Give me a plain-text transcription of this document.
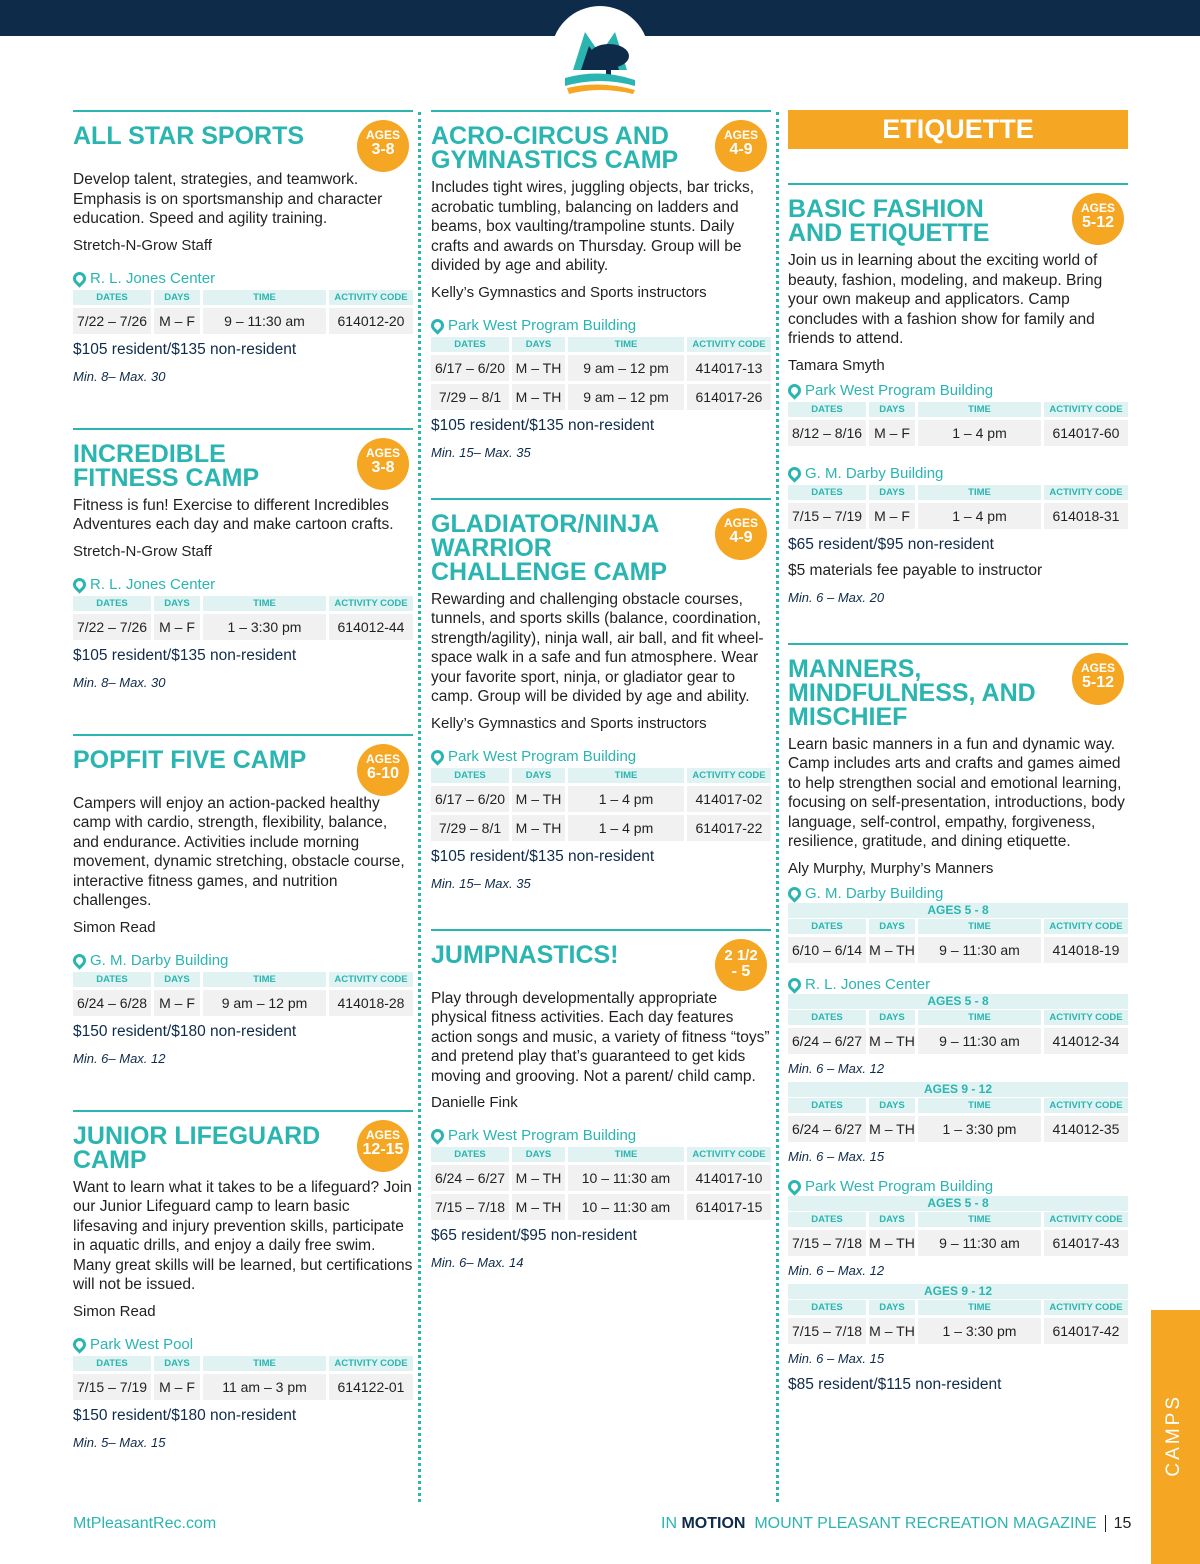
ALL STAR SPORTS	AGES
3-8
Develop talent, strategies, and teamwork. Emphasis is on sportsmanship and character education. Speed and agility training.
Stretch-N-Grow Staff
R. L. Jones Center
DATES	DAYS	TIME	ACTIVITY CODE
7/22 – 7/26	M – F	9 – 11:30 am	614012-20
$105 resident/$135 non-resident
Min. 8– Max. 30
INCREDIBLE FITNESS CAMP
AGES
3-8
Fitness is fun! Exercise to different Incredibles Adventures each day and make cartoon crafts.
Stretch-N-Grow Staff
R. L. Jones Center
DATES	DAYS	TIME	ACTIVITY CODE
7/22 – 7/26	M – F	1 – 3:30 pm	614012-44
$105 resident/$135 non-resident
Min. 8– Max. 30
POPFIT FIVE CAMP	AGES
6-10
Campers will enjoy an action-packed healthy camp with cardio, strength, flexibility, balance, and endurance. Activities include morning movement, dynamic stretching, obstacle course, interactive fitness games, and nutrition challenges.
Simon Read
G. M. Darby Building
DATES	DAYS	TIME	ACTIVITY CODE
6/24 – 6/28	M – F	9 am – 12 pm	414018-28
$150 resident/$180 non-resident
Min. 6– Max. 12
JUNIOR LIFEGUARD CAMP
AGES
12-15
Want to learn what it takes to be a lifeguard? Join our Junior Lifeguard camp to learn basic lifesaving and injury prevention skills, participate in aquatic drills, and enjoy a daily free swim. Many great skills will be learned, but certifications will not be issued.
Simon Read
Park West Pool
DATES	DAYS	TIME	ACTIVITY CODE
7/15 – 7/19	M – F	11 am – 3 pm	614122-01
$150 resident/$180 non-resident
Min. 5– Max. 15
ACRO-CIRCUS AND GYMNASTICS CAMP
AGES
4-9
Includes tight wires, juggling objects, bar tricks, acrobatic tumbling, balancing on ladders and beams, box vaulting/trampoline stunts. Daily crafts and awards on Thursday. Group will be divided by age and ability.
Kelly’s Gymnastics and Sports instructors
Park West Program Building
DATES	DAYS	TIME	ACTIVITY CODE
6/17 – 6/20	M – TH	9 am – 12 pm	414017-13
7/29 – 8/1	M – TH	9 am – 12 pm	614017-26
$105 resident/$135 non-resident
Min. 15– Max. 35
GLADIATOR/NINJA WARRIOR CHALLENGE CAMP
AGES
4-9
Rewarding and challenging obstacle courses, tunnels, and sports skills (balance, coordination, strength/agility), ninja wall, air ball, and fit wheel-space walk in a safe and fun atmosphere. Wear your favorite sport, ninja, or gladiator gear to camp. Group will be divided by age and ability.
Kelly’s Gymnastics and Sports instructors
Park West Program Building
DATES	DAYS	TIME	ACTIVITY CODE
6/17 – 6/20	M – TH	1 – 4 pm	414017-02
7/29 – 8/1	M – TH	1 – 4 pm	614017-22
$105 resident/$135 non-resident
Min. 15– Max. 35
JUMPNASTICS!	2 1/2
- 5
Play through developmentally appropriate physical fitness activities. Each day features action songs and music, a variety of fitness “toys” and pretend play that’s guaranteed to get kids moving and grooving. Not a parent/ child camp.
Danielle Fink
Park West Program Building
DATES	DAYS	TIME	ACTIVITY CODE
6/24 – 6/27	M – TH	10 – 11:30 am	414017-10
7/15 – 7/18	M – TH	10 – 11:30 am	614017-15
$65 resident/$95 non-resident
Min. 6– Max. 14
ETIQUETTE
BASIC FASHION AND ETIQUETTE
AGES
5-12
Join us in learning about the exciting world of beauty, fashion, modeling, and makeup. Bring your own makeup and applicators. Camp concludes with a fashion show for family and friends to attend.
Tamara Smyth
Park West Program Building
DATES	DAYS	TIME	ACTIVITY CODE
8/12 – 8/16	M – F	1 – 4 pm	614017-60
G. M. Darby Building
DATES	DAYS	TIME	ACTIVITY CODE
7/15 – 7/19	M – F	1 – 4 pm	614018-31
$65 resident/$95 non-resident
$5 materials fee payable to instructor
Min. 6 – Max. 20
MANNERS, MINDFULNESS, AND MISCHIEF
AGES
5-12
Learn basic manners in a fun and dynamic way. Camp includes arts and crafts and games aimed to help strengthen social and emotional learning, focusing on self-presentation, introductions, body language, self-control, empathy, forgiveness, resilience, gratitude, and dining etiquette.
Aly Murphy, Murphy’s Manners
G. M. Darby Building
AGES 5 - 8
DATES	DAYS	TIME	ACTIVITY CODE
6/10 – 6/14	M – TH	9 – 11:30 am	414018-19
R. L. Jones Center
AGES 5 - 8
DATES	DAYS	TIME	ACTIVITY CODE
6/24 – 6/27	M – TH	9 – 11:30 am	414012-34
Min. 6 – Max. 12
AGES 9 - 12
DATES	DAYS	TIME	ACTIVITY CODE
6/24 – 6/27	M – TH	1 – 3:30 pm	414012-35
Min. 6 – Max. 15
Park West Program Building
AGES 5 - 8
DATES	DAYS	TIME	ACTIVITY CODE
7/15 – 7/18	M – TH	9 – 11:30 am	614017-43
Min. 6 – Max. 12
AGES 9 - 12
DATES	DAYS	TIME	ACTIVITY CODE
7/15 – 7/18	M – TH	1 – 3:30 pm	614017-42
Min. 6 – Max. 15
$85 resident/$115 non-resident
CAMPS
MtPleasantRec.com	IN MOTION MOUNT PLEASANT RECREATION MAGAZINE 15
